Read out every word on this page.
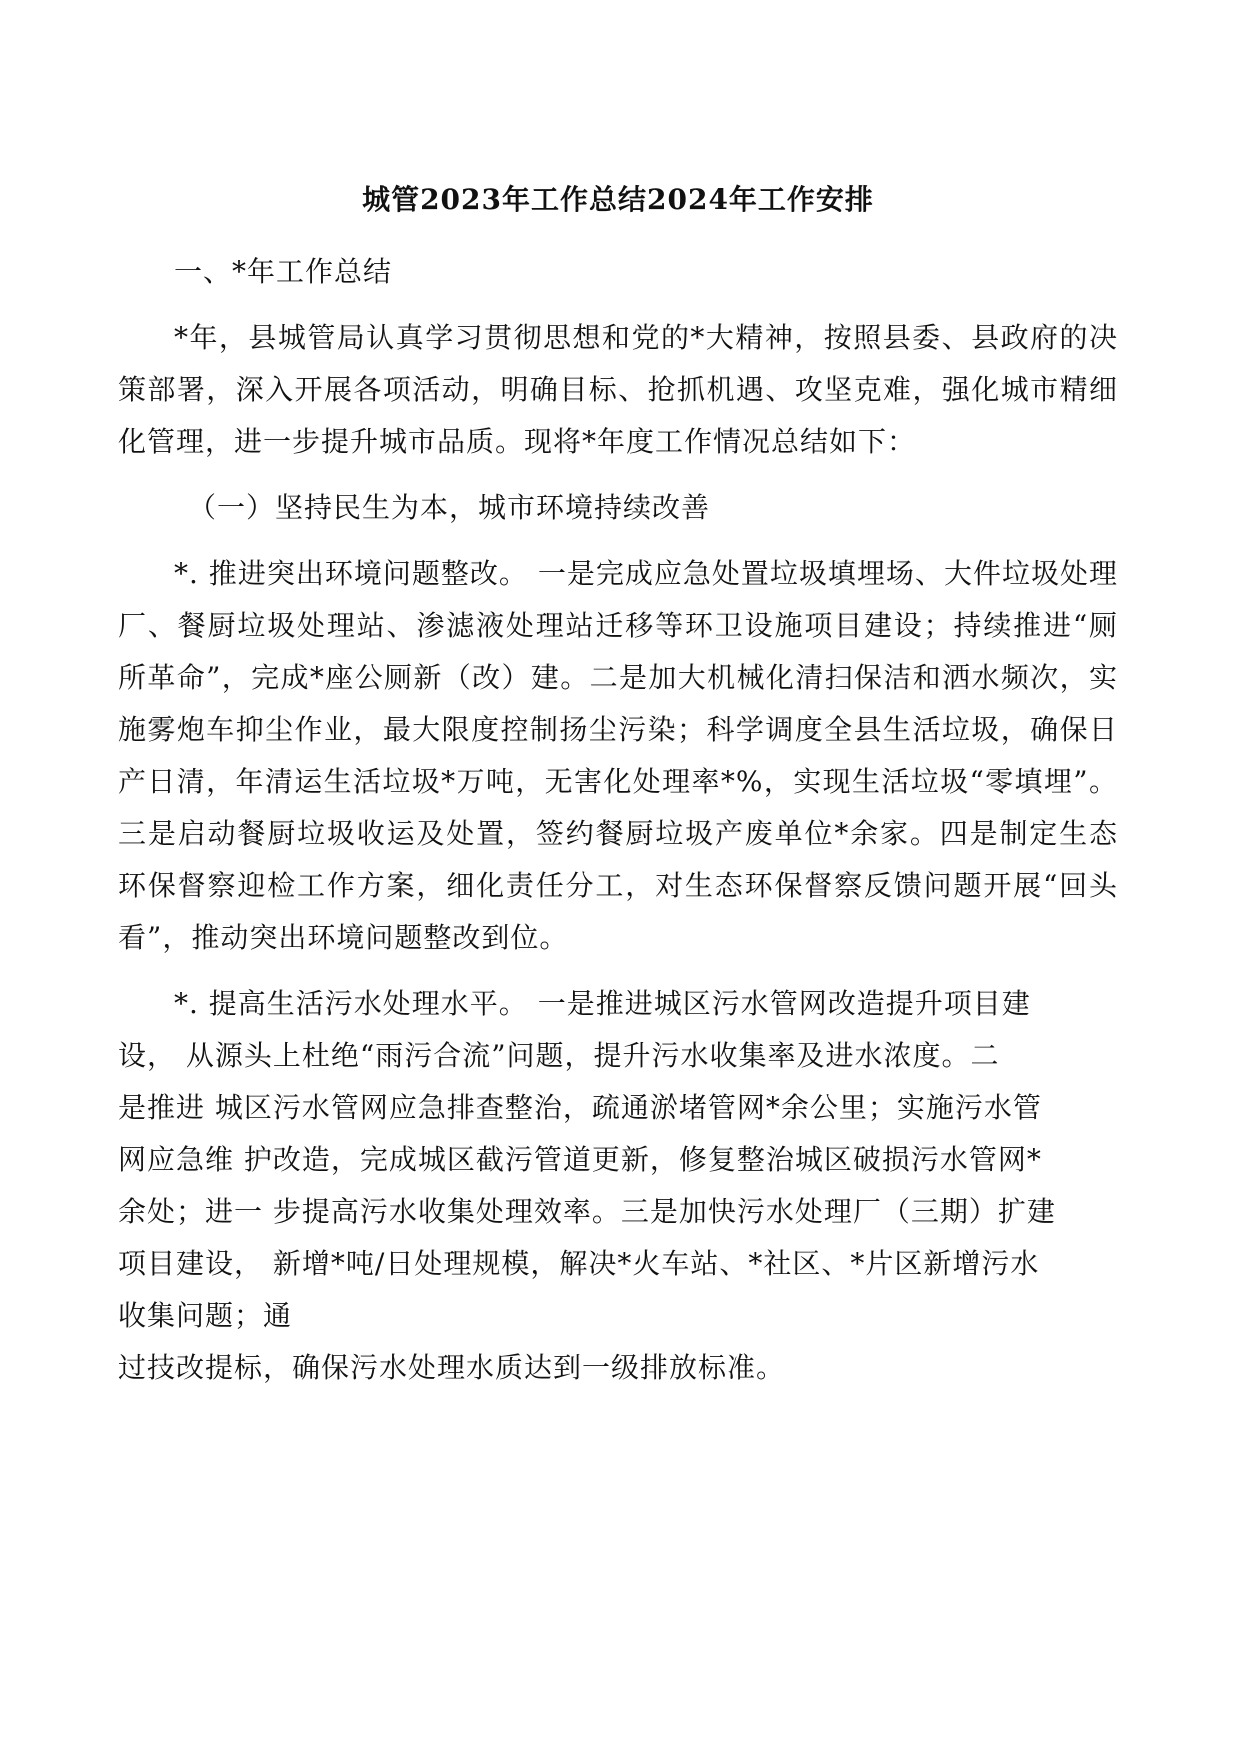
城管2023年工作总结2024年工作安排
一、*年工作总结
*年，县城管局认真学习贯彻思想和党的*大精神，按照县委、县政府的决策部署，深入开展各项活动，明确目标、抢抓机遇、攻坚克难，强化城市精细化管理，进一步提升城市品质。现将*年度工作情况总结如下：
（一）坚持民生为本，城市环境持续改善
*. 推进突出环境问题整改。 一是完成应急处置垃圾填埋场、大件垃圾处理厂、餐厨垃圾处理站、渗滤液处理站迁移等环卫设施项目建设；持续推进“厕所革命”，完成*座公厕新（改）建。二是加大机械化清扫保洁和洒水频次，实施雾炮车抑尘作业，最大限度控制扬尘污染；科学调度全县生活垃圾，确保日产日清，年清运生活垃圾*万吨，无害化处理率*%，实现生活垃圾“零填埋”。三是启动餐厨垃圾收运及处置，签约餐厨垃圾产废单位*余家。四是制定生态环保督察迎检工作方案，细化责任分工，对生态环保督察反馈问题开展“回头看”，推动突出环境问题整改到位。
*. 提高生活污水处理水平。 一是推进城区污水管网改造提升项目建
设， 从源头上杜绝“雨污合流”问题，提升污水收集率及进水浓度。二
是推进 城区污水管网应急排查整治，疏通淤堵管网*余公里；实施污水管
网应急维 护改造，完成城区截污管道更新，修复整治城区破损污水管网*
余处；进一 步提高污水收集处理效率。三是加快污水处理厂（三期）扩建
项目建设， 新增*吨/日处理规模，解决*火车站、*社区、*片区新增污水
收集问题；通
过技改提标，确保污水处理水质达到一级排放标准。
